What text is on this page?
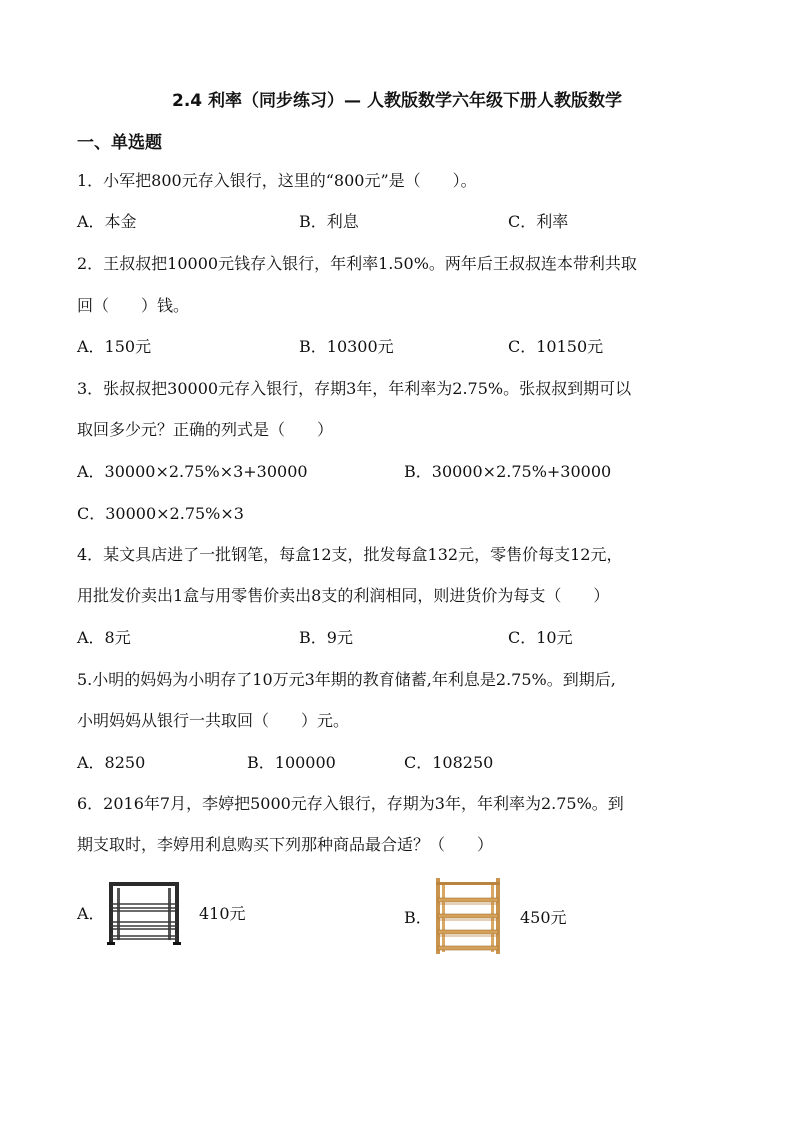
2.4 利率（同步练习）— 人教版数学六年级下册人教版数学
一、单选题
1．小军把800元存入银行，这里的“800元”是（　　）。
A．本金	B．利息	C．利率
2．王叔叔把10000元钱存入银行，年利率1.50%。两年后王叔叔连本带利共取
回（　　）钱。
A．150元	B．10300元	C．10150元
3．张叔叔把30000元存入银行，存期3年，年利率为2.75%。张叔叔到期可以
取回多少元？正确的列式是（　　）
A．30000×2.75%×3+30000	B．30000×2.75%+30000
C．30000×2.75%×3
4．某文具店进了一批钢笔，每盒12支，批发每盒132元，零售价每支12元，
用批发价卖出1盒与用零售价卖出8支的利润相同，则进货价为每支（　　）
A．8元	B．9元	C．10元
5.小明的妈妈为小明存了10万元3年期的教育储蓄,年利息是2.75%。到期后,
小明妈妈从银行一共取回（　　）元。
A．8250	B．100000	C．108250
6．2016年7月，李婷把5000元存入银行，存期为3年，年利率为2.75%。到
期支取时，李婷用利息购买下列那种商品最合适？（　　）
A．	410元	B．	450元
